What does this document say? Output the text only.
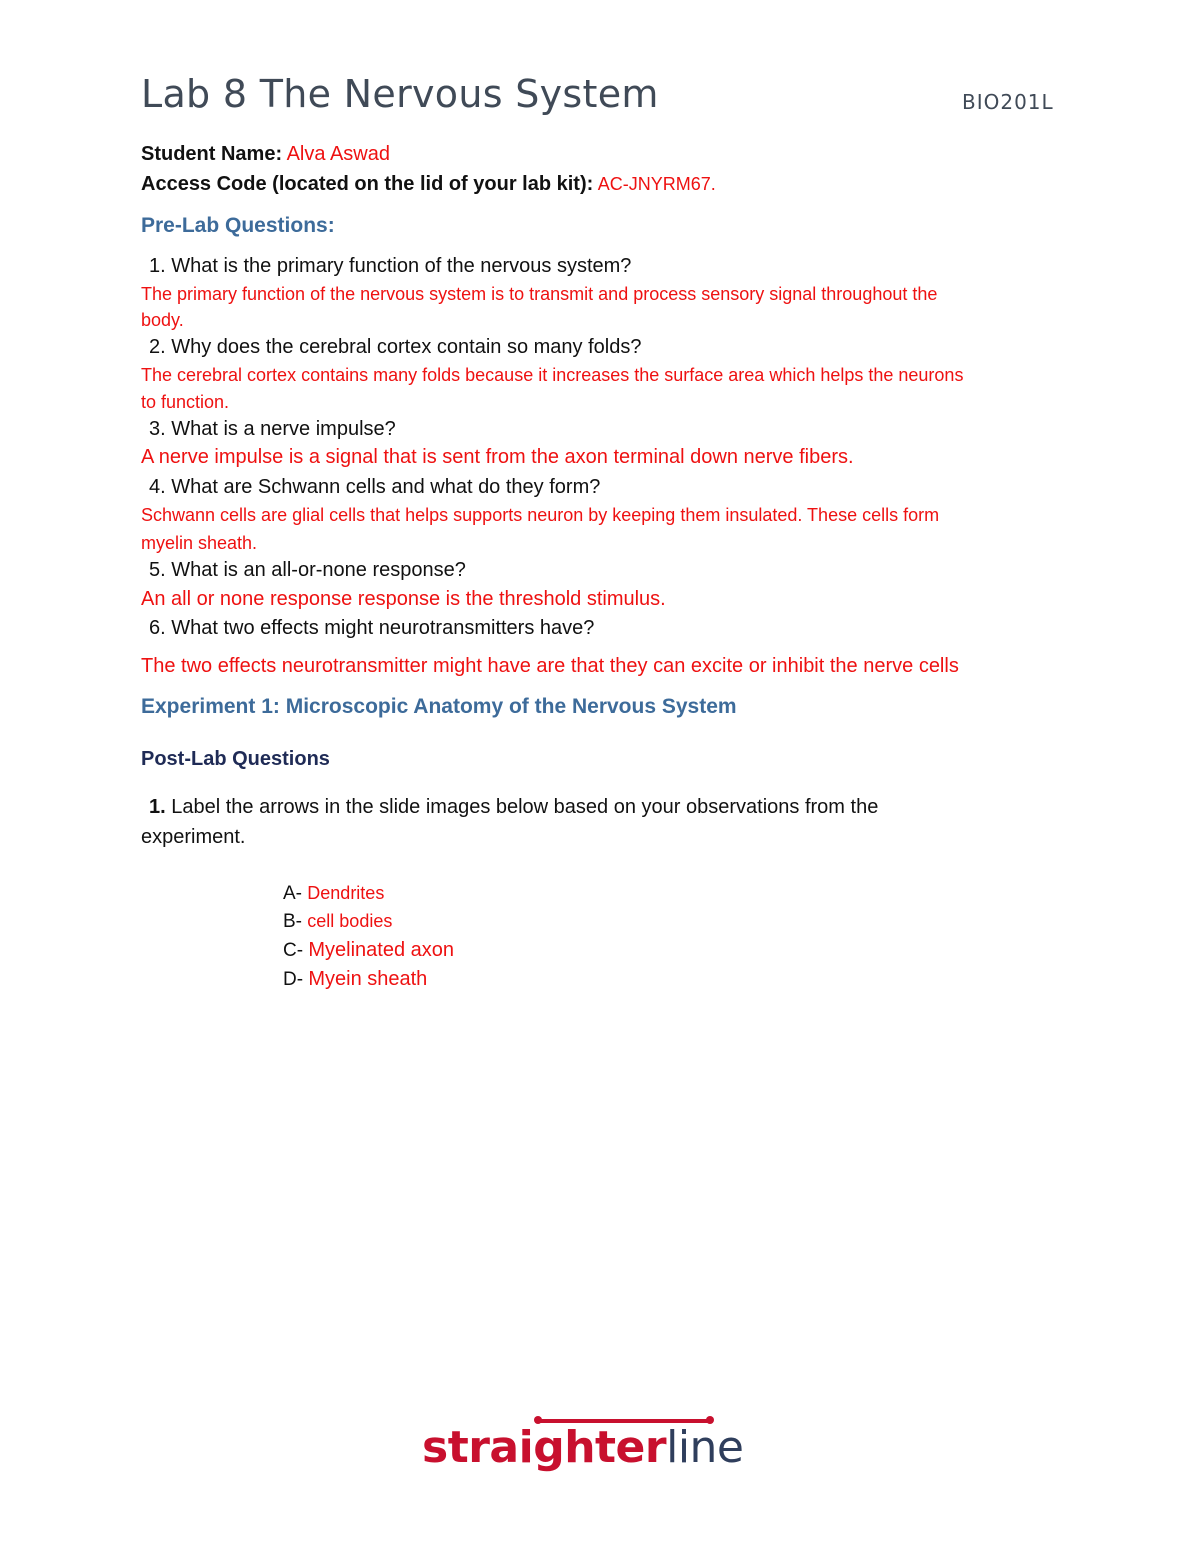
Lab 8 The Nervous System	BIO201L
Student Name: Alva Aswad
Access Code (located on the lid of your lab kit): AC-JNYRM67.
Pre-Lab Questions:
1. What is the primary function of the nervous system?
The primary function of the nervous system is to transmit and process sensory signal throughout the
body.
2. Why does the cerebral cortex contain so many folds?
The cerebral cortex contains many folds because it increases the surface area which helps the neurons
to function.
3. What is a nerve impulse?
A nerve impulse is a signal that is sent from the axon terminal down nerve fibers.
4. What are Schwann cells and what do they form?
Schwann cells are glial cells that helps supports neuron by keeping them insulated. These cells form
myelin sheath.
5. What is an all-or-none response?
An all or none response response is the threshold stimulus.
6. What two effects might neurotransmitters have?
The two effects neurotransmitter might have are that they can excite or inhibit the nerve cells
Experiment 1: Microscopic Anatomy of the Nervous System
Post-Lab Questions
1. Label the arrows in the slide images below based on your observations from the
experiment.
A- Dendrites
B- cell bodies
C- Myelinated axon
D- Myein sheath
straighterline
